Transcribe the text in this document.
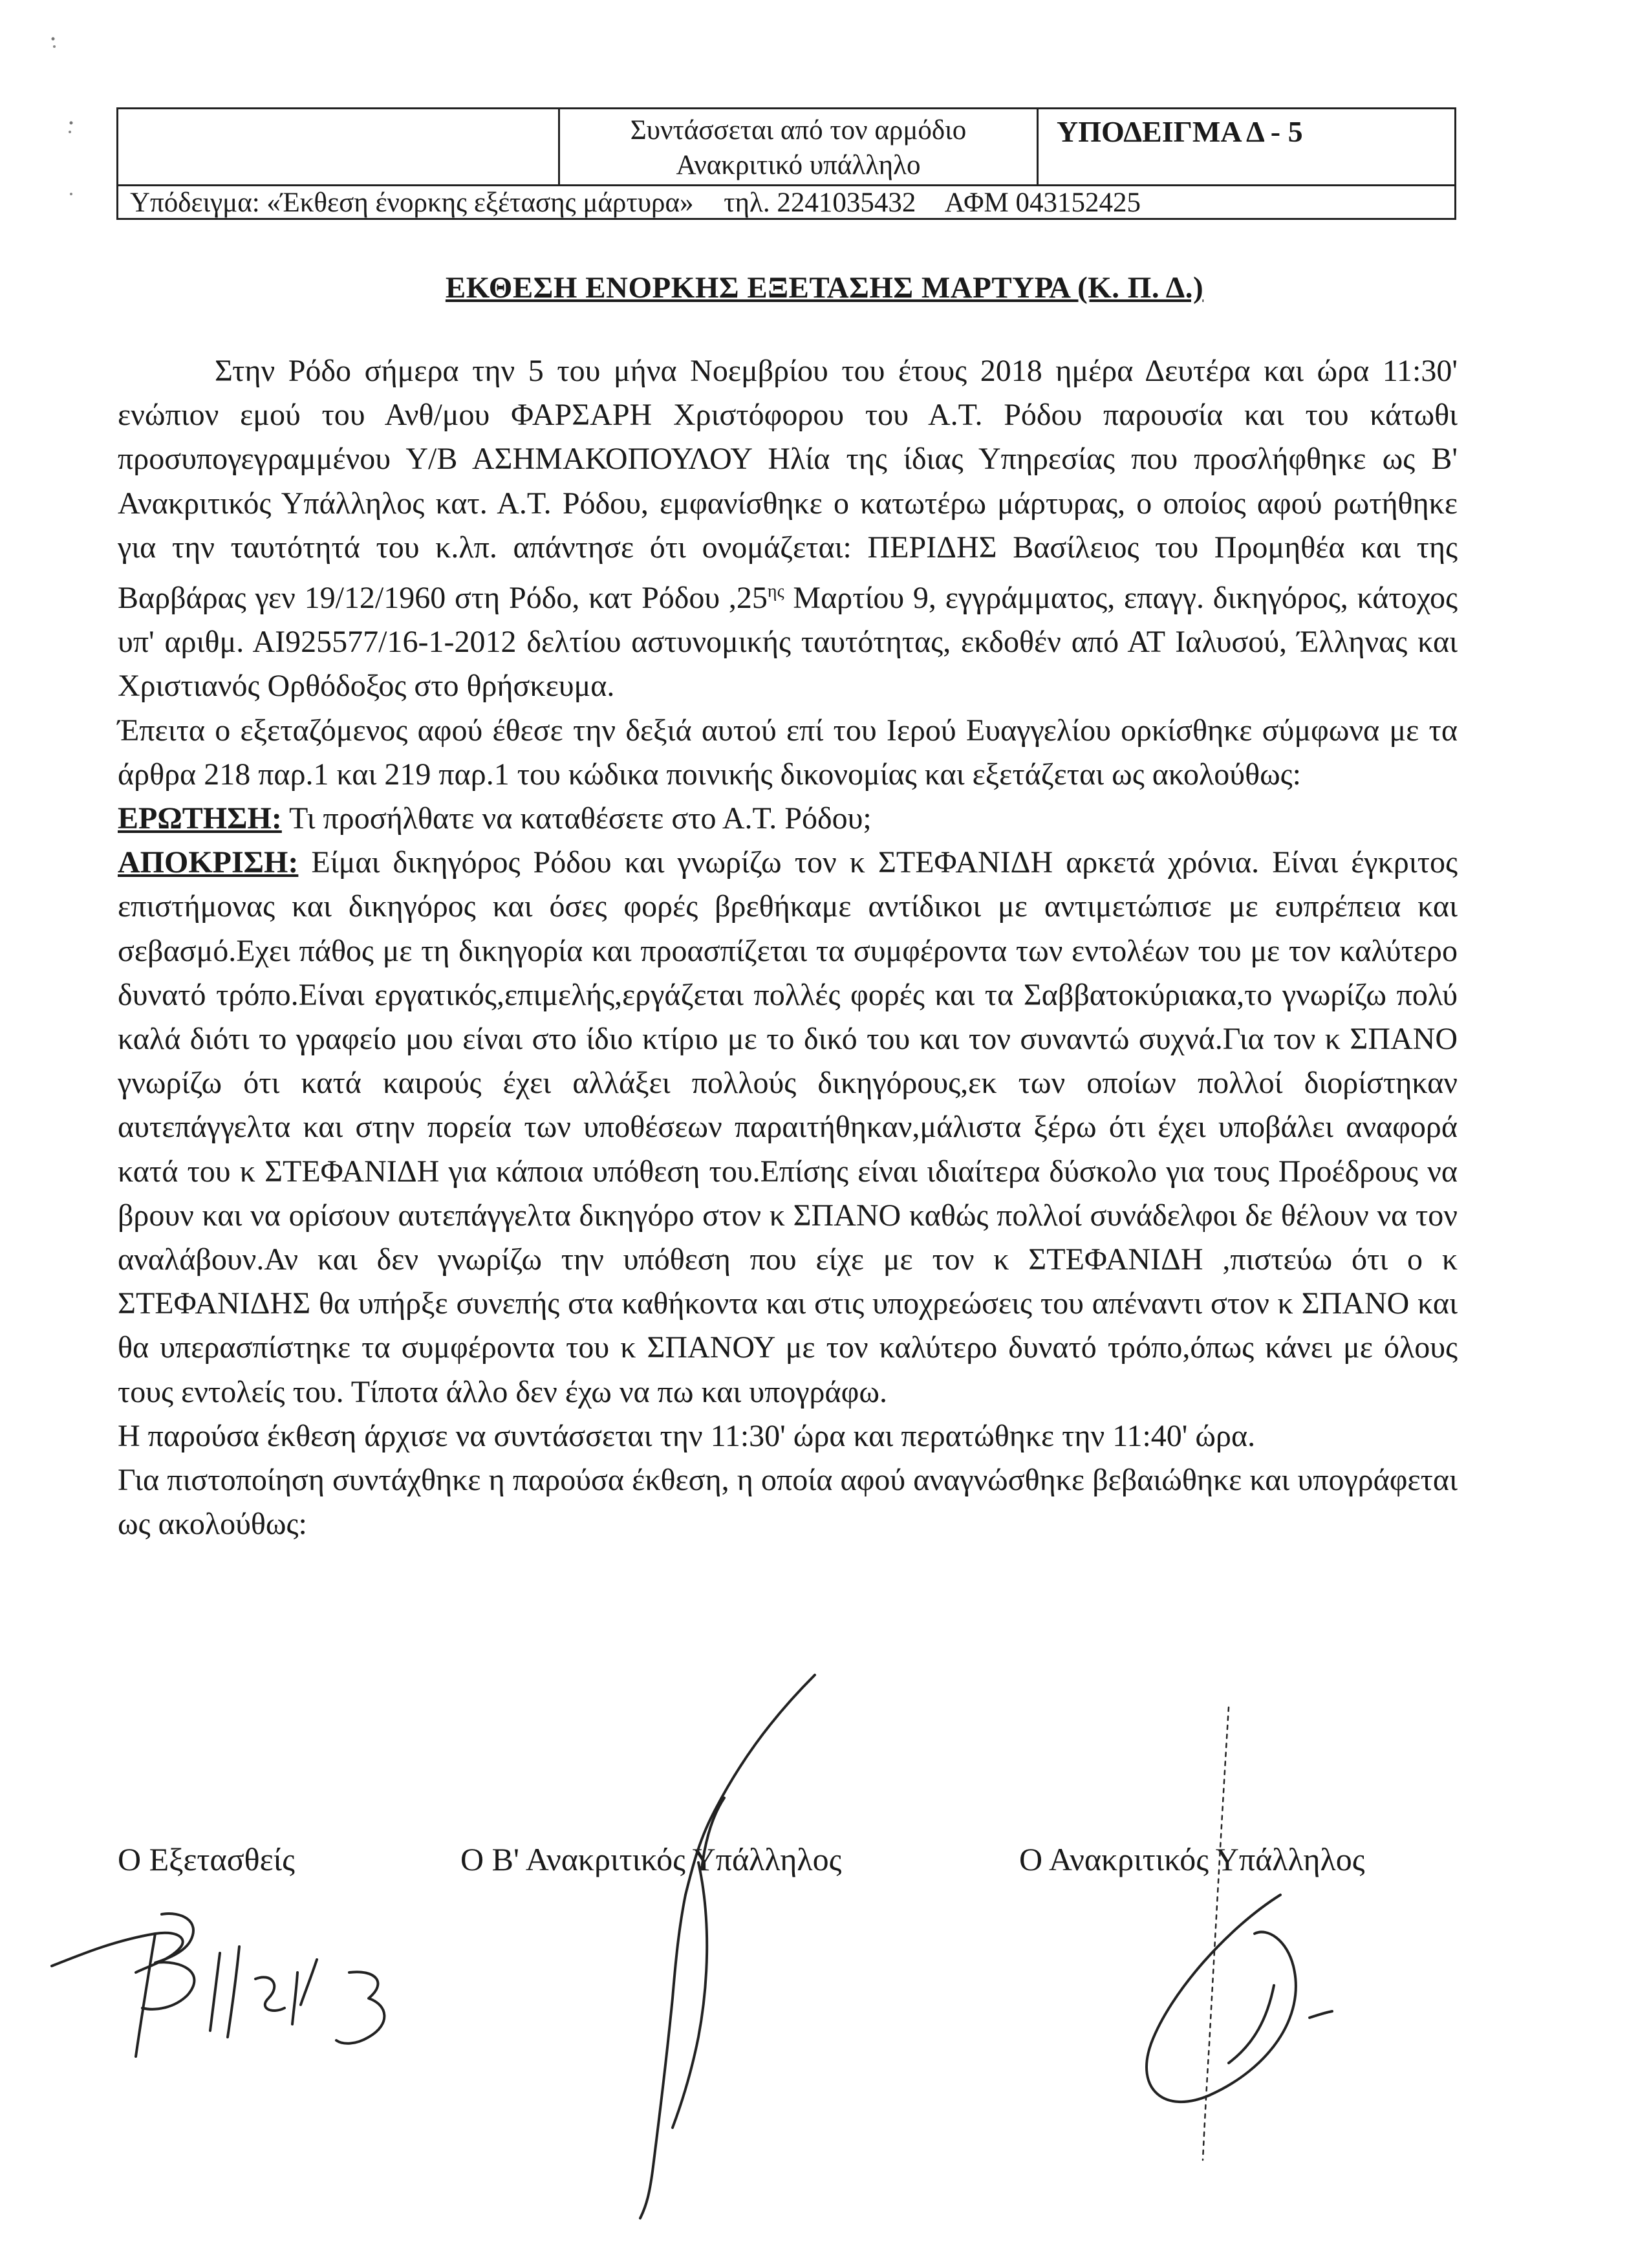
Συντάσσεται από τον αρμόδιο
Ανακριτικό υπάλληλο
ΥΠΟΔΕΙΓΜΑ Δ - 5
Υπόδειγμα: «Έκθεση ένορκης εξέτασης μάρτυρα» τηλ. 2241035432 ΑΦΜ 043152425
ΕΚΘΕΣΗ ΕΝΟΡΚΗΣ ΕΞΕΤΑΣΗΣ ΜΑΡΤΥΡΑ (Κ. Π. Δ.)

Στην Ρόδο σήμερα την 5 του μήνα Νοεμβρίου του έτους 2018 ημέρα Δευτέρα και ώρα 11:30' ενώπιον εμού του Ανθ/μου ΦΑΡΣΑΡΗ Χριστόφορου του Α.Τ. Ρόδου παρουσία και του κάτωθι προσυπογεγραμμένου Υ/Β ΑΣΗΜΑΚΟΠΟΥΛΟΥ Ηλία της ίδιας Υπηρεσίας που προσλήφθηκε ως Β' Ανακριτικός Υπάλληλος κατ. Α.Τ. Ρόδου, εμφανίσθηκε ο κατωτέρω μάρτυρας, ο οποίος αφού ρωτήθηκε για την ταυτότητά του κ.λπ. απάντησε ότι ονομάζεται: ΠΕΡΙΔΗΣ Βασίλειος του Προμηθέα και της Βαρβάρας γεν 19/12/1960 στη Ρόδο, κατ Ρόδου $,25^{\eta\varsigma}$ Μαρτίου 9, εγγράμματος, επαγγ. δικηγόρος, κάτοχος υπ' αριθμ. ΑΙ925577/16-1-2012 δελτίου αστυνομικής ταυτότητας, εκδοθέν από ΑΤ Ιαλυσού, Έλληνας και Χριστιανός Ορθόδοξος στο θρήσκευμα.

Έπειτα ο εξεταζόμενος αφού έθεσε την δεξιά αυτού επί του Ιερού Ευαγγελίου ορκίσθηκε σύμφωνα με τα άρθρα 218 παρ.1 και 219 παρ.1 του κώδικα ποινικής δικονομίας και εξετάζεται ως ακολούθως:

ΕΡΩΤΗΣΗ: Τι προσήλθατε να καταθέσετε στο Α.Τ. Ρόδου;

ΑΠΟΚΡΙΣΗ: Είμαι δικηγόρος Ρόδου και γνωρίζω τον κ ΣΤΕΦΑΝΙΔΗ αρκετά χρόνια. Είναι έγκριτος επιστήμονας και δικηγόρος και όσες φορές βρεθήκαμε αντίδικοι με αντιμετώπισε με ευπρέπεια και σεβασμό.Εχει πάθος με τη δικηγορία και προασπίζεται τα συμφέροντα των εντολέων του με τον καλύτερο δυνατό τρόπο.Είναι εργατικός,επιμελής,εργάζεται πολλές φορές και τα Σαββατοκύριακα,το γνωρίζω πολύ καλά διότι το γραφείο μου είναι στο ίδιο κτίριο με το δικό του και τον συναντώ συχνά.Για τον κ ΣΠΑΝΟ γνωρίζω ότι κατά καιρούς έχει αλλάξει πολλούς δικηγόρους,εκ των οποίων πολλοί διορίστηκαν αυτεπάγγελτα και στην πορεία των υποθέσεων παραιτήθηκαν,μάλιστα ξέρω ότι έχει υποβάλει αναφορά κατά του κ ΣΤΕΦΑΝΙΔΗ για κάποια υπόθεση του.Επίσης είναι ιδιαίτερα δύσκολο για τους Προέδρους να βρουν και να ορίσουν αυτεπάγγελτα δικηγόρο στον κ ΣΠΑΝΟ καθώς πολλοί συνάδελφοι δε θέλουν να τον αναλάβουν.Αν και δεν γνωρίζω την υπόθεση που είχε με τον κ ΣΤΕΦΑΝΙΔΗ ,πιστεύω ότι ο κ ΣΤΕΦΑΝΙΔΗΣ θα υπήρξε συνεπής στα καθήκοντα και στις υποχρεώσεις του απέναντι στον κ ΣΠΑΝΟ και θα υπερασπίστηκε τα συμφέροντα του κ ΣΠΑΝΟΥ με τον καλύτερο δυνατό τρόπο,όπως κάνει με όλους τους εντολείς του. Τίποτα άλλο δεν έχω να πω και υπογράφω.

Η παρούσα έκθεση άρχισε να συντάσσεται την 11:30' ώρα και περατώθηκε την 11:40' ώρα.

Για πιστοποίηση συντάχθηκε η παρούσα έκθεση, η οποία αφού αναγνώσθηκε βεβαιώθηκε και υπογράφεται ως ακολούθως:

Ο Εξετασθείς	Ο Β' Ανακριτικός Υπάλληλος	Ο Ανακριτικός Υπάλληλος
